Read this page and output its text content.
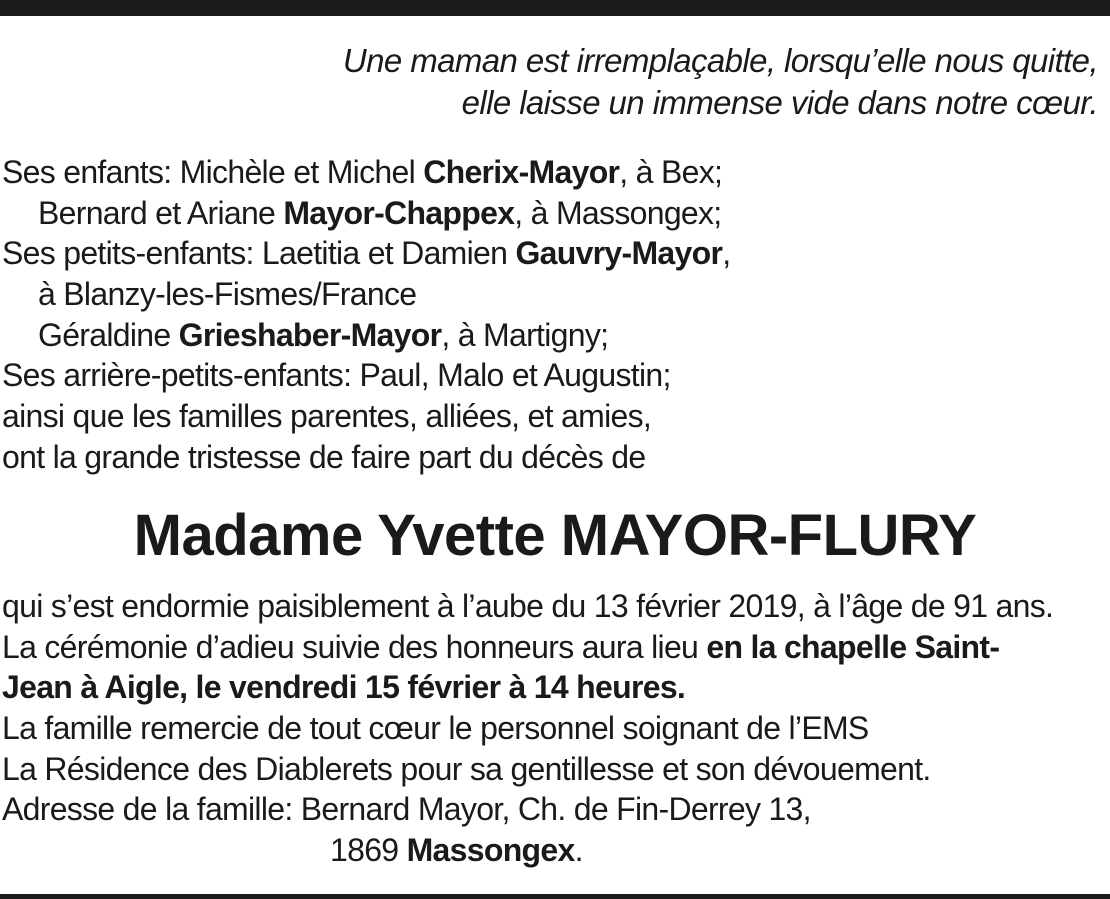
Une maman est irremplaçable, lorsqu’elle nous quitte,
elle laisse un immense vide dans notre cœur.
Ses enfants: Michèle et Michel Cherix-Mayor, à Bex;
Bernard et Ariane Mayor-Chappex, à Massongex;
Ses petits-enfants: Laetitia et Damien Gauvry-Mayor,
à Blanzy-les-Fismes/France
Géraldine Grieshaber-Mayor, à Martigny;
Ses arrière-petits-enfants: Paul, Malo et Augustin;
ainsi que les familles parentes, alliées, et amies,
ont la grande tristesse de faire part du décès de
Madame Yvette MAYOR-FLURY
qui s’est endormie paisiblement à l’aube du 13 février 2019, à l’âge de 91 ans.
La cérémonie d’adieu suivie des honneurs aura lieu en la chapelle Saint-
Jean à Aigle, le vendredi 15 février à 14 heures.
La famille remercie de tout cœur le personnel soignant de l’EMS
La Résidence des Diablerets pour sa gentillesse et son dévouement.
Adresse de la famille: Bernard Mayor, Ch. de Fin-Derrey 13,
1869 Massongex.
